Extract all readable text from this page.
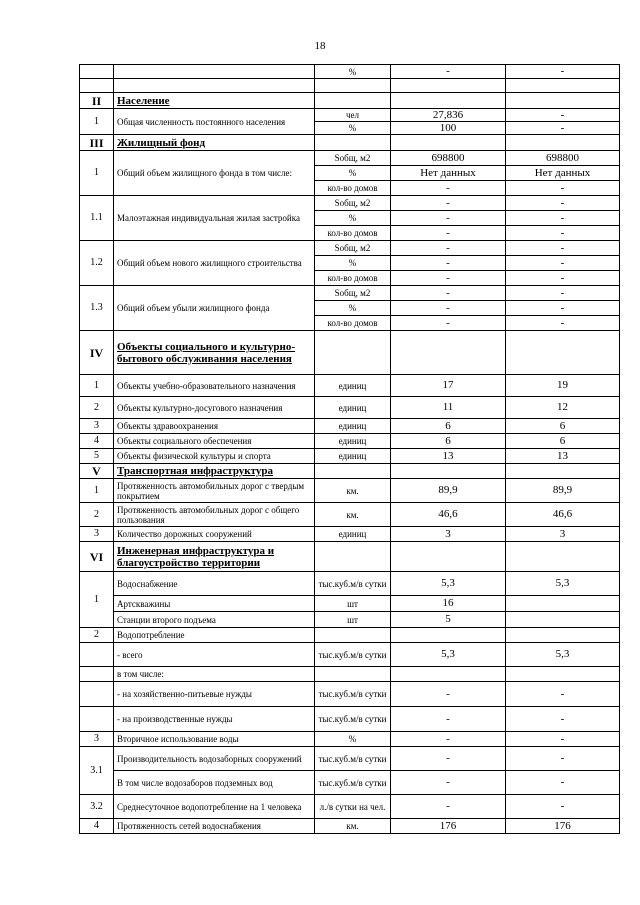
18
		%	-	-

II	Население			
1	Общая численность постоянного населения	чел	27,836	-
		%	100	-
III	Жилищный фонд			
1	Общий объем жилищного фонда в том числе:	Sобщ, м2	698800	698800
		%	Нет данных	Нет данных
		кол-во домов	-	-
1.1	Малоэтажная индивидуальная жилая застройка	Sобщ, м2	-	-
		%	-	-
		кол-во домов	-	-
1.2	Общий объем нового жилищного строительства	Sобщ, м2	-	-
		%	-	-
		кол-во домов	-	-
1.3	Общий объем убыли жилищного фонда	Sобщ, м2	-	-
		%	-	-
		кол-во домов	-	-
IV	Объекты социального и культурно-бытового обслуживания населения			
1	Объекты учебно-образовательного назначения	единиц	17	19
2	Объекты культурно-досугового назначения	единиц	11	12
3	Объекты здравоохранения	единиц	6	6
4	Объекты социального обеспечения	единиц	6	6
5	Объекты физической культуры и спорта	единиц	13	13
V	Транспортная инфраструктура			
1	Протяженность автомобильных дорог с твердым покрытием	км.	89,9	89,9
2	Протяженность автомобильных дорог с общего пользования	км.	46,6	46,6
3	Количество дорожных сооружений	единиц	3	3
VI	Инженерная инфраструктура и благоустройство территории			
1	Водоснабжение	тыс.куб.м/в сутки	5,3	5,3
	Артскважины	шт	16	
	Станции второго подъема	шт	5	
2	Водопотребление			
	- всего	тыс.куб.м/в сутки	5,3	5,3
	в том числе:			
	- на хозяйственно-питьевые нужды	тыс.куб.м/в сутки	-	-
	- на производственные нужды	тыс.куб.м/в сутки	-	-
3	Вторичное использование воды	%	-	-
3.1	Производительность водозаборных сооружений	тыс.куб.м/в сутки	-	-
	В том числе водозаборов подземных вод	тыс.куб.м/в сутки	-	-
3.2	Среднесуточное водопотребление на 1 человека	л./в сутки на чел.	-	-
4	Протяженность сетей водоснабжения	км.	176	176
